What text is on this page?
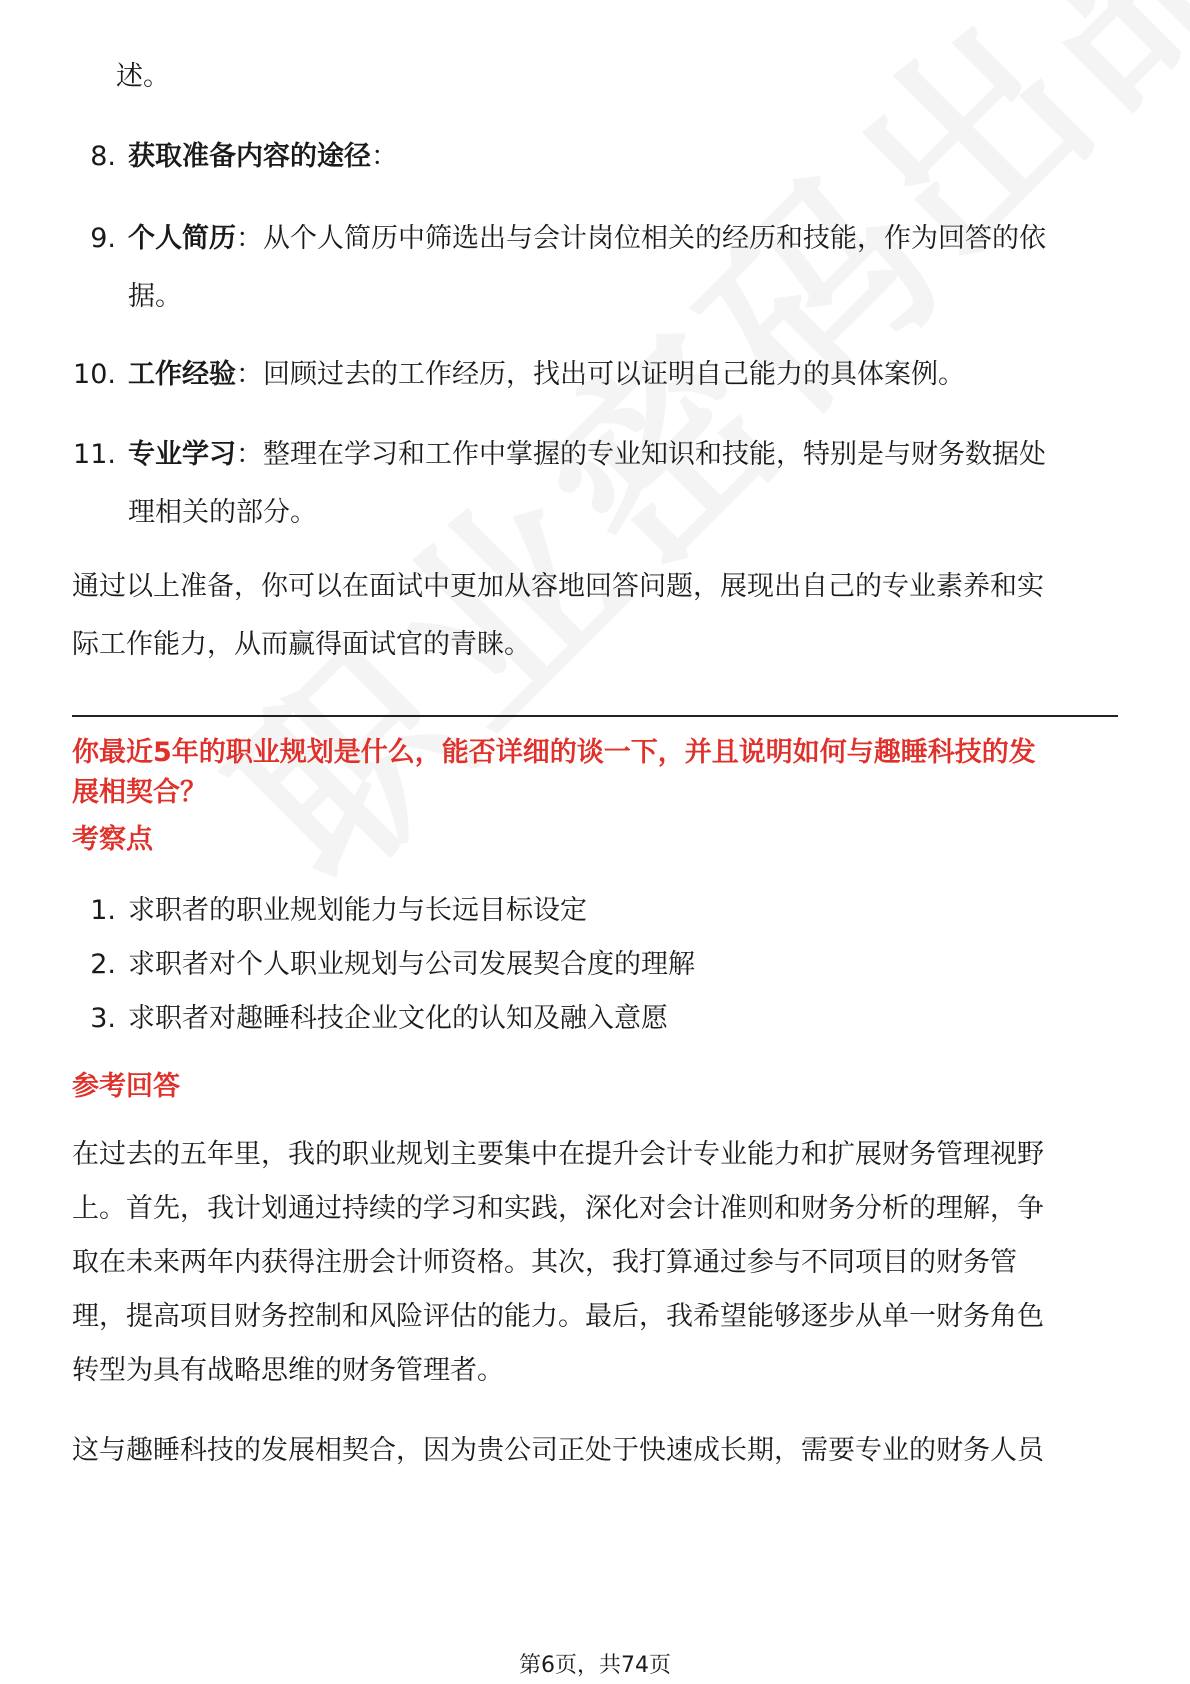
述。
8. 获取准备内容的途径：
9. 个人简历：从个人简历中筛选出与会计岗位相关的经历和技能，作为回答的依
据。
10. 工作经验：回顾过去的工作经历，找出可以证明自己能力的具体案例。
11. 专业学习：整理在学习和工作中掌握的专业知识和技能，特别是与财务数据处
理相关的部分。
通过以上准备，你可以在面试中更加从容地回答问题，展现出自己的专业素养和实
际工作能力，从而赢得面试官的青睐。
你最近5年的职业规划是什么，能否详细的谈一下，并且说明如何与趣睡科技的发
展相契合？
考察点
1. 求职者的职业规划能力与长远目标设定
2. 求职者对个人职业规划与公司发展契合度的理解
3. 求职者对趣睡科技企业文化的认知及融入意愿
参考回答
在过去的五年里，我的职业规划主要集中在提升会计专业能力和扩展财务管理视野
上。首先，我计划通过持续的学习和实践，深化对会计准则和财务分析的理解，争
取在未来两年内获得注册会计师资格。其次，我打算通过参与不同项目的财务管
理，提高项目财务控制和风险评估的能力。最后，我希望能够逐步从单一财务角色
转型为具有战略思维的财务管理者。
这与趣睡科技的发展相契合，因为贵公司正处于快速成长期，需要专业的财务人员
第6页，共74页
